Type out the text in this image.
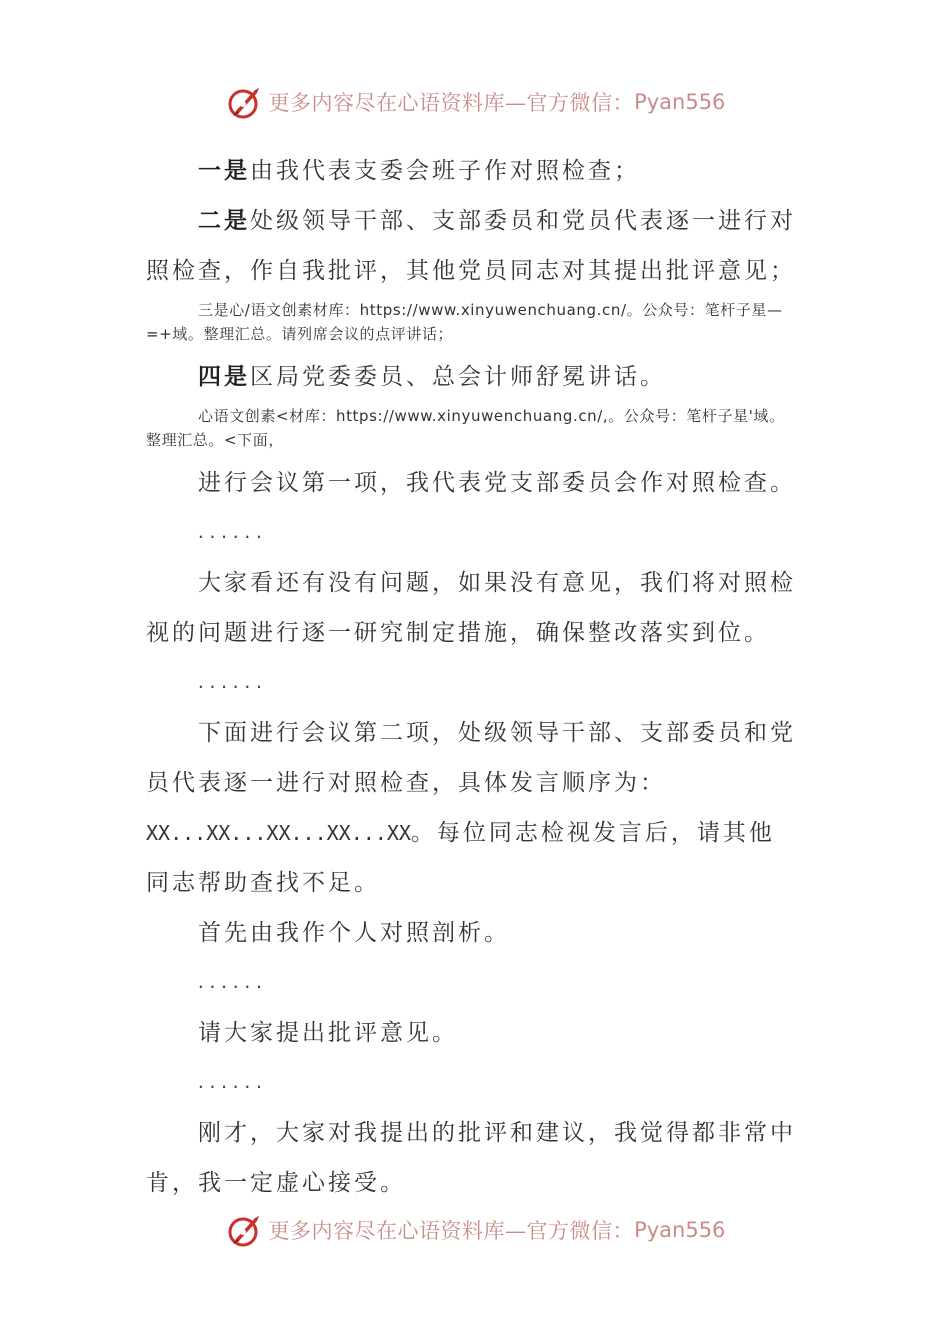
更多内容尽在心语资料库—官方微信： Pyan556

一是由我代表支委会班子作对照检查；

二是处级领导干部、支部委员和党员代表逐一进行对照检查，作自我批评，其他党员同志对其提出批评意见；

三是心/语文创素材库：https://www.xinyuwenchuang.cn/。公众号：笔杆子星—=+域。整理汇总。请列席会议的点评讲话；

四是区局党委委员、总会计师舒冕讲话。

心语文创素<材库：https://www.xinyuwenchuang.cn/,。公众号：笔杆子星'域。整理汇总。<下面，

进行会议第一项，我代表党支部委员会作对照检查。

......

大家看还有没有问题，如果没有意见，我们将对照检视的问题进行逐一研究制定措施，确保整改落实到位。

......

下面进行会议第二项，处级领导干部、支部委员和党员代表逐一进行对照检查，具体发言顺序为：

XX...XX...XX...XX...XX。每位同志检视发言后，请其他同志帮助查找不足。

首先由我作个人对照剖析。

......

请大家提出批评意见。

......

刚才，大家对我提出的批评和建议，我觉得都非常中肯，我一定虚心接受。

更多内容尽在心语资料库—官方微信： Pyan556
